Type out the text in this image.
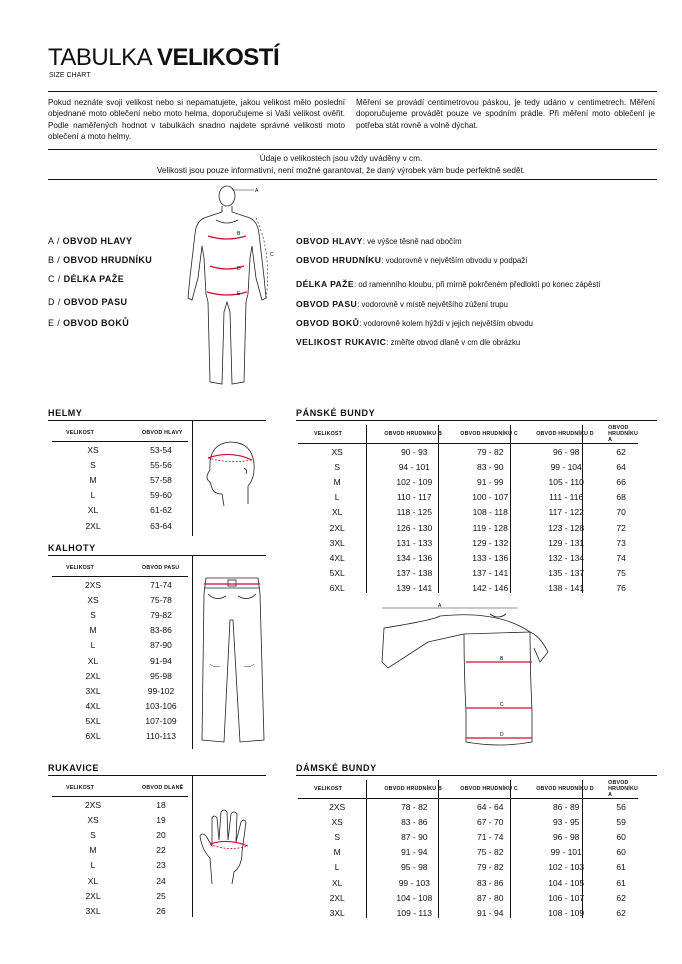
TABULKA VELIKOSTÍ
SIZE CHART
Pokud neznáte svoji velikost nebo si nepamatujete, jakou velikost mělo poslední objednané moto oblečení nebo moto helma, doporučujeme si Vaši velikost ověřit. Podle naměřených hodnot v tabulkách snadno najdete správné velikosti moto oblečení a moto helmy.
Měření se provádí centimetrovou páskou, je tedy udáno v centimetrech. Měření doporučujeme provádět pouze ve spodním prádle. Při měření moto oblečení je potřeba stát rovně a volně dýchat.
Údaje o velikostech jsou vždy uváděny v cm.
Velikosti jsou pouze informativní, není možné garantovat, že daný výrobek vám bude perfektně sedět.
A
B
C
D
E
A / OBVOD HLAVY
B / OBVOD HRUDNÍKU
C / DÉLKA PAŽE
D / OBVOD PASU
E / OBVOD BOKŮ
OBVOD HLAVY: ve výšce těsně nad obočím
OBVOD HRUDNÍKU: vodorovně v největším obvodu v podpaží
DÉLKA PAŽE: od ramenního kloubu, při mírně pokrčeném předloktí po konec zápěstí
OBVOD PASU: vodorovně v místě největšího zúžení trupu
OBVOD BOKŮ: vodorovně kolem hýždí v jejich největším obvodu
VELIKOST RUKAVIC: změřte obvod dlaně v cm dle obrázku
HELMY
VELIKOST	OBVOD HLAVY
XS	53-54
S	55-56
M	57-58
L	59-60
XL	61-62
2XL	63-64
KALHOTY
VELIKOST	OBVOD PASU
2XS	71-74
XS	75-78
S	79-82
M	83-86
L	87-90
XL	91-94
2XL	95-98
3XL	99-102
4XL	103-106
5XL	107-109
6XL	110-113
RUKAVICE
VELIKOST	OBVOD DLANĚ
2XS	18
XS	19
S	20
M	22
L	23
XL	24
2XL	25
3XL	26
PÁNSKÉ BUNDY
VELIKOST	OBVOD HRUDNÍKU B	OBVOD HRUDNÍKU C	OBVOD HRUDNÍKU D	OBVOD HRUDNÍKU A
XS	90 - 93	79 - 82	96 - 98	62
S	94 - 101	83 - 90	99 - 104	64
M	102 - 109	91 - 99	105 - 110	66
L	110 - 117	100 - 107	111 - 116	68
XL	118 - 125	108 - 118	117 - 122	70
2XL	126 - 130	119 - 128	123 - 128	72
3XL	131 - 133	129 - 132	129 - 131	73
4XL	134 - 136	133 - 136	132 - 134	74
5XL	137 - 138	137 - 141	135 - 137	75
6XL	139 - 141	142 - 146	138 - 141	76
A
B
C
D
DÁMSKÉ BUNDY
VELIKOST	OBVOD HRUDNÍKU B	OBVOD HRUDNÍKU C	OBVOD HRUDNÍKU D	OBVOD HRUDNÍKU A
2XS	78 - 82	64 - 64	86 - 89	56
XS	83 - 86	67 - 70	93 - 95	59
S	87 - 90	71 - 74	96 - 98	60
M	91 - 94	75 - 82	99 - 101	60
L	95 - 98	79 - 82	102 - 103	61
XL	99 - 103	83 - 86	104 - 105	61
2XL	104 - 108	87 - 80	106 - 107	62
3XL	109 - 113	91 - 94	108 - 109	62
